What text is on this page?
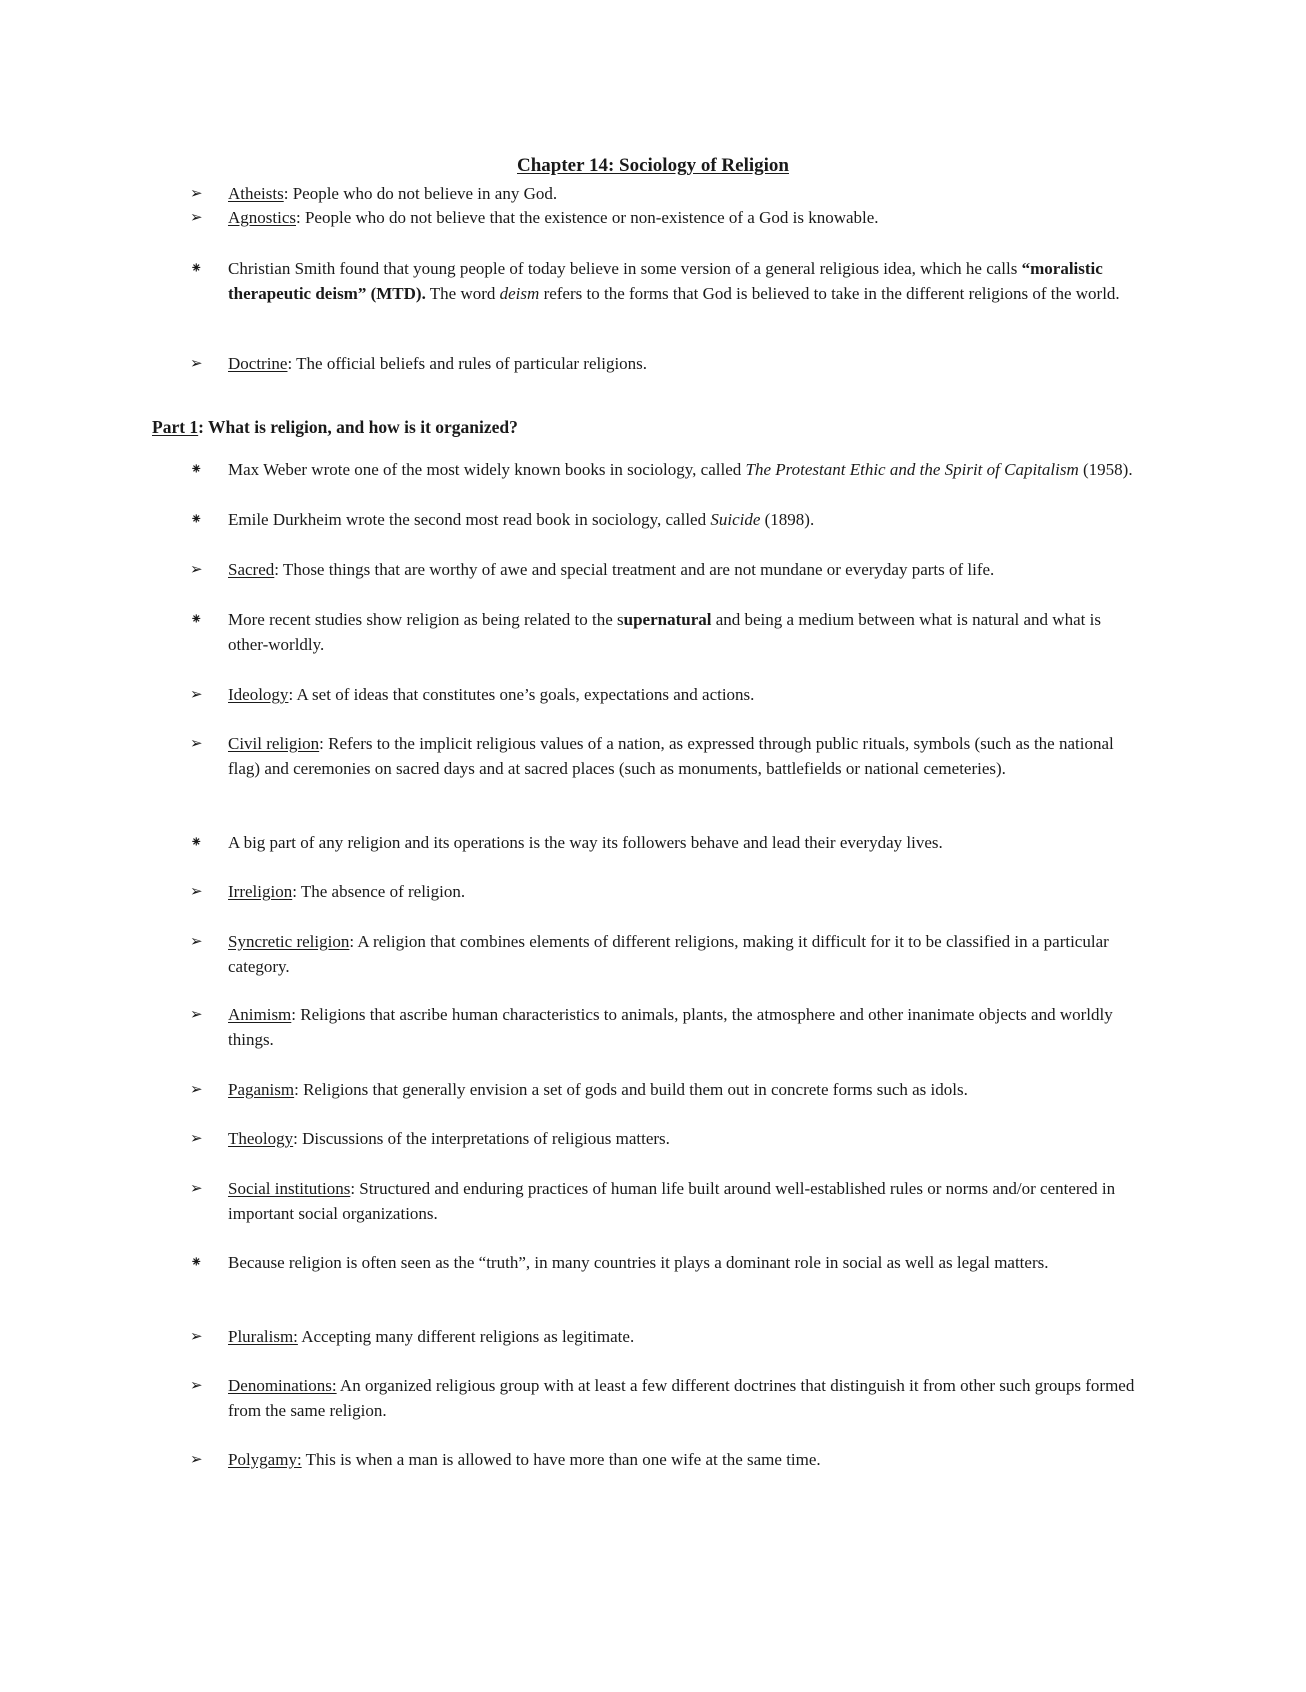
Chapter 14: Sociology of Religion
➢	Atheists: People who do not believe in any God.
➢	Agnostics: People who do not believe that the existence or non-existence of a God is knowable.
⁕	Christian Smith found that young people of today believe in some version of a general religious idea, which he calls “moralistic therapeutic deism” (MTD). The word deism refers to the forms that God is believed to take in the different religions of the world.
➢	Doctrine: The official beliefs and rules of particular religions.
Part 1: What is religion, and how is it organized?
⁕	Max Weber wrote one of the most widely known books in sociology, called The Protestant Ethic and the Spirit of Capitalism (1958).
⁕	Emile Durkheim wrote the second most read book in sociology, called Suicide (1898).
➢	Sacred: Those things that are worthy of awe and special treatment and are not mundane or everyday parts of life.
⁕	More recent studies show religion as being related to the supernatural and being a medium between what is natural and what is other-worldly.
➢	Ideology: A set of ideas that constitutes one’s goals, expectations and actions.
➢	Civil religion: Refers to the implicit religious values of a nation, as expressed through public rituals, symbols (such as the national flag) and ceremonies on sacred days and at sacred places (such as monuments, battlefields or national cemeteries).
⁕	A big part of any religion and its operations is the way its followers behave and lead their everyday lives.
➢	Irreligion: The absence of religion.
➢	Syncretic religion: A religion that combines elements of different religions, making it difficult for it to be classified in a particular category.
➢	Animism: Religions that ascribe human characteristics to animals, plants, the atmosphere and other inanimate objects and worldly things.
➢	Paganism: Religions that generally envision a set of gods and build them out in concrete forms such as idols.
➢	Theology: Discussions of the interpretations of religious matters.
➢	Social institutions: Structured and enduring practices of human life built around well-established rules or norms and/or centered in important social organizations.
⁕	Because religion is often seen as the “truth”, in many countries it plays a dominant role in social as well as legal matters.
➢	Pluralism: Accepting many different religions as legitimate.
➢	Denominations: An organized religious group with at least a few different doctrines that distinguish it from other such groups formed from the same religion.
➢	Polygamy: This is when a man is allowed to have more than one wife at the same time.
